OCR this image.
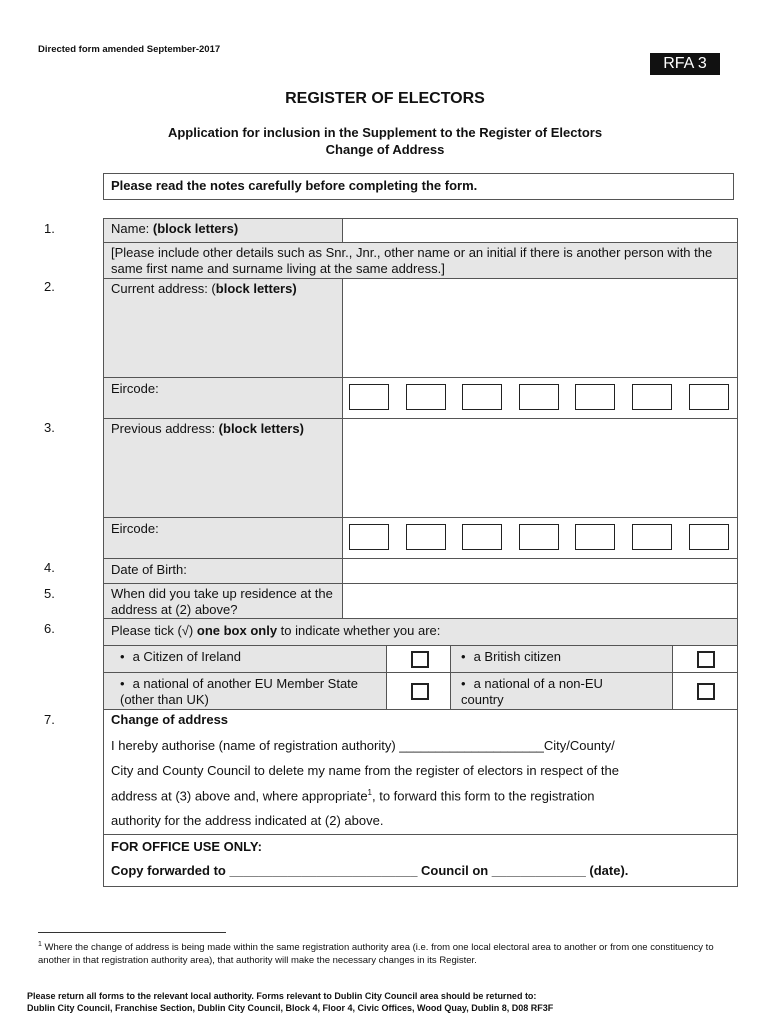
Directed form amended September-2017
RFA 3
REGISTER OF ELECTORS
Application for inclusion in the Supplement to the Register of Electors
Change of Address
Please read the notes carefully before completing the form.
1.
2.
3.
4.
5.
6.
7.
Name: (block letters)
[Please include other details such as Snr., Jnr., other name or an initial if there is another person with the same first name and surname living at the same address.]
Current address: (block letters)
Eircode:
Previous address: (block letters)
Eircode:
Date of Birth:
When did you take up residence at the address at (2) above?
Please tick (√) one box only to indicate whether you are:
• a Citizen of Ireland
•	a British citizen
• a national of another EU Member State (other than UK)
• a national of a non-EU country
Change of address
I hereby authorise (name of registration authority) ____________________City/County/
City and County Council to delete my name from the register of electors in respect of the
address at (3) above and, where appropriate$^1$, to forward this form to the registration
authority for the address indicated at (2) above.
FOR OFFICE USE ONLY:
Copy forwarded to __________________________ Council on _____________ (date).
$^1$ Where the change of address is being made within the same registration authority area (i.e. from one local electoral area to another or from one constituency to another in that registration authority area), that authority will make the necessary changes in its Register.
Please return all forms to the relevant local authority. Forms relevant to Dublin City Council area should be returned to:
Dublin City Council, Franchise Section, Dublin City Council, Block 4, Floor 4, Civic Offices, Wood Quay, Dublin 8, D08 RF3F
